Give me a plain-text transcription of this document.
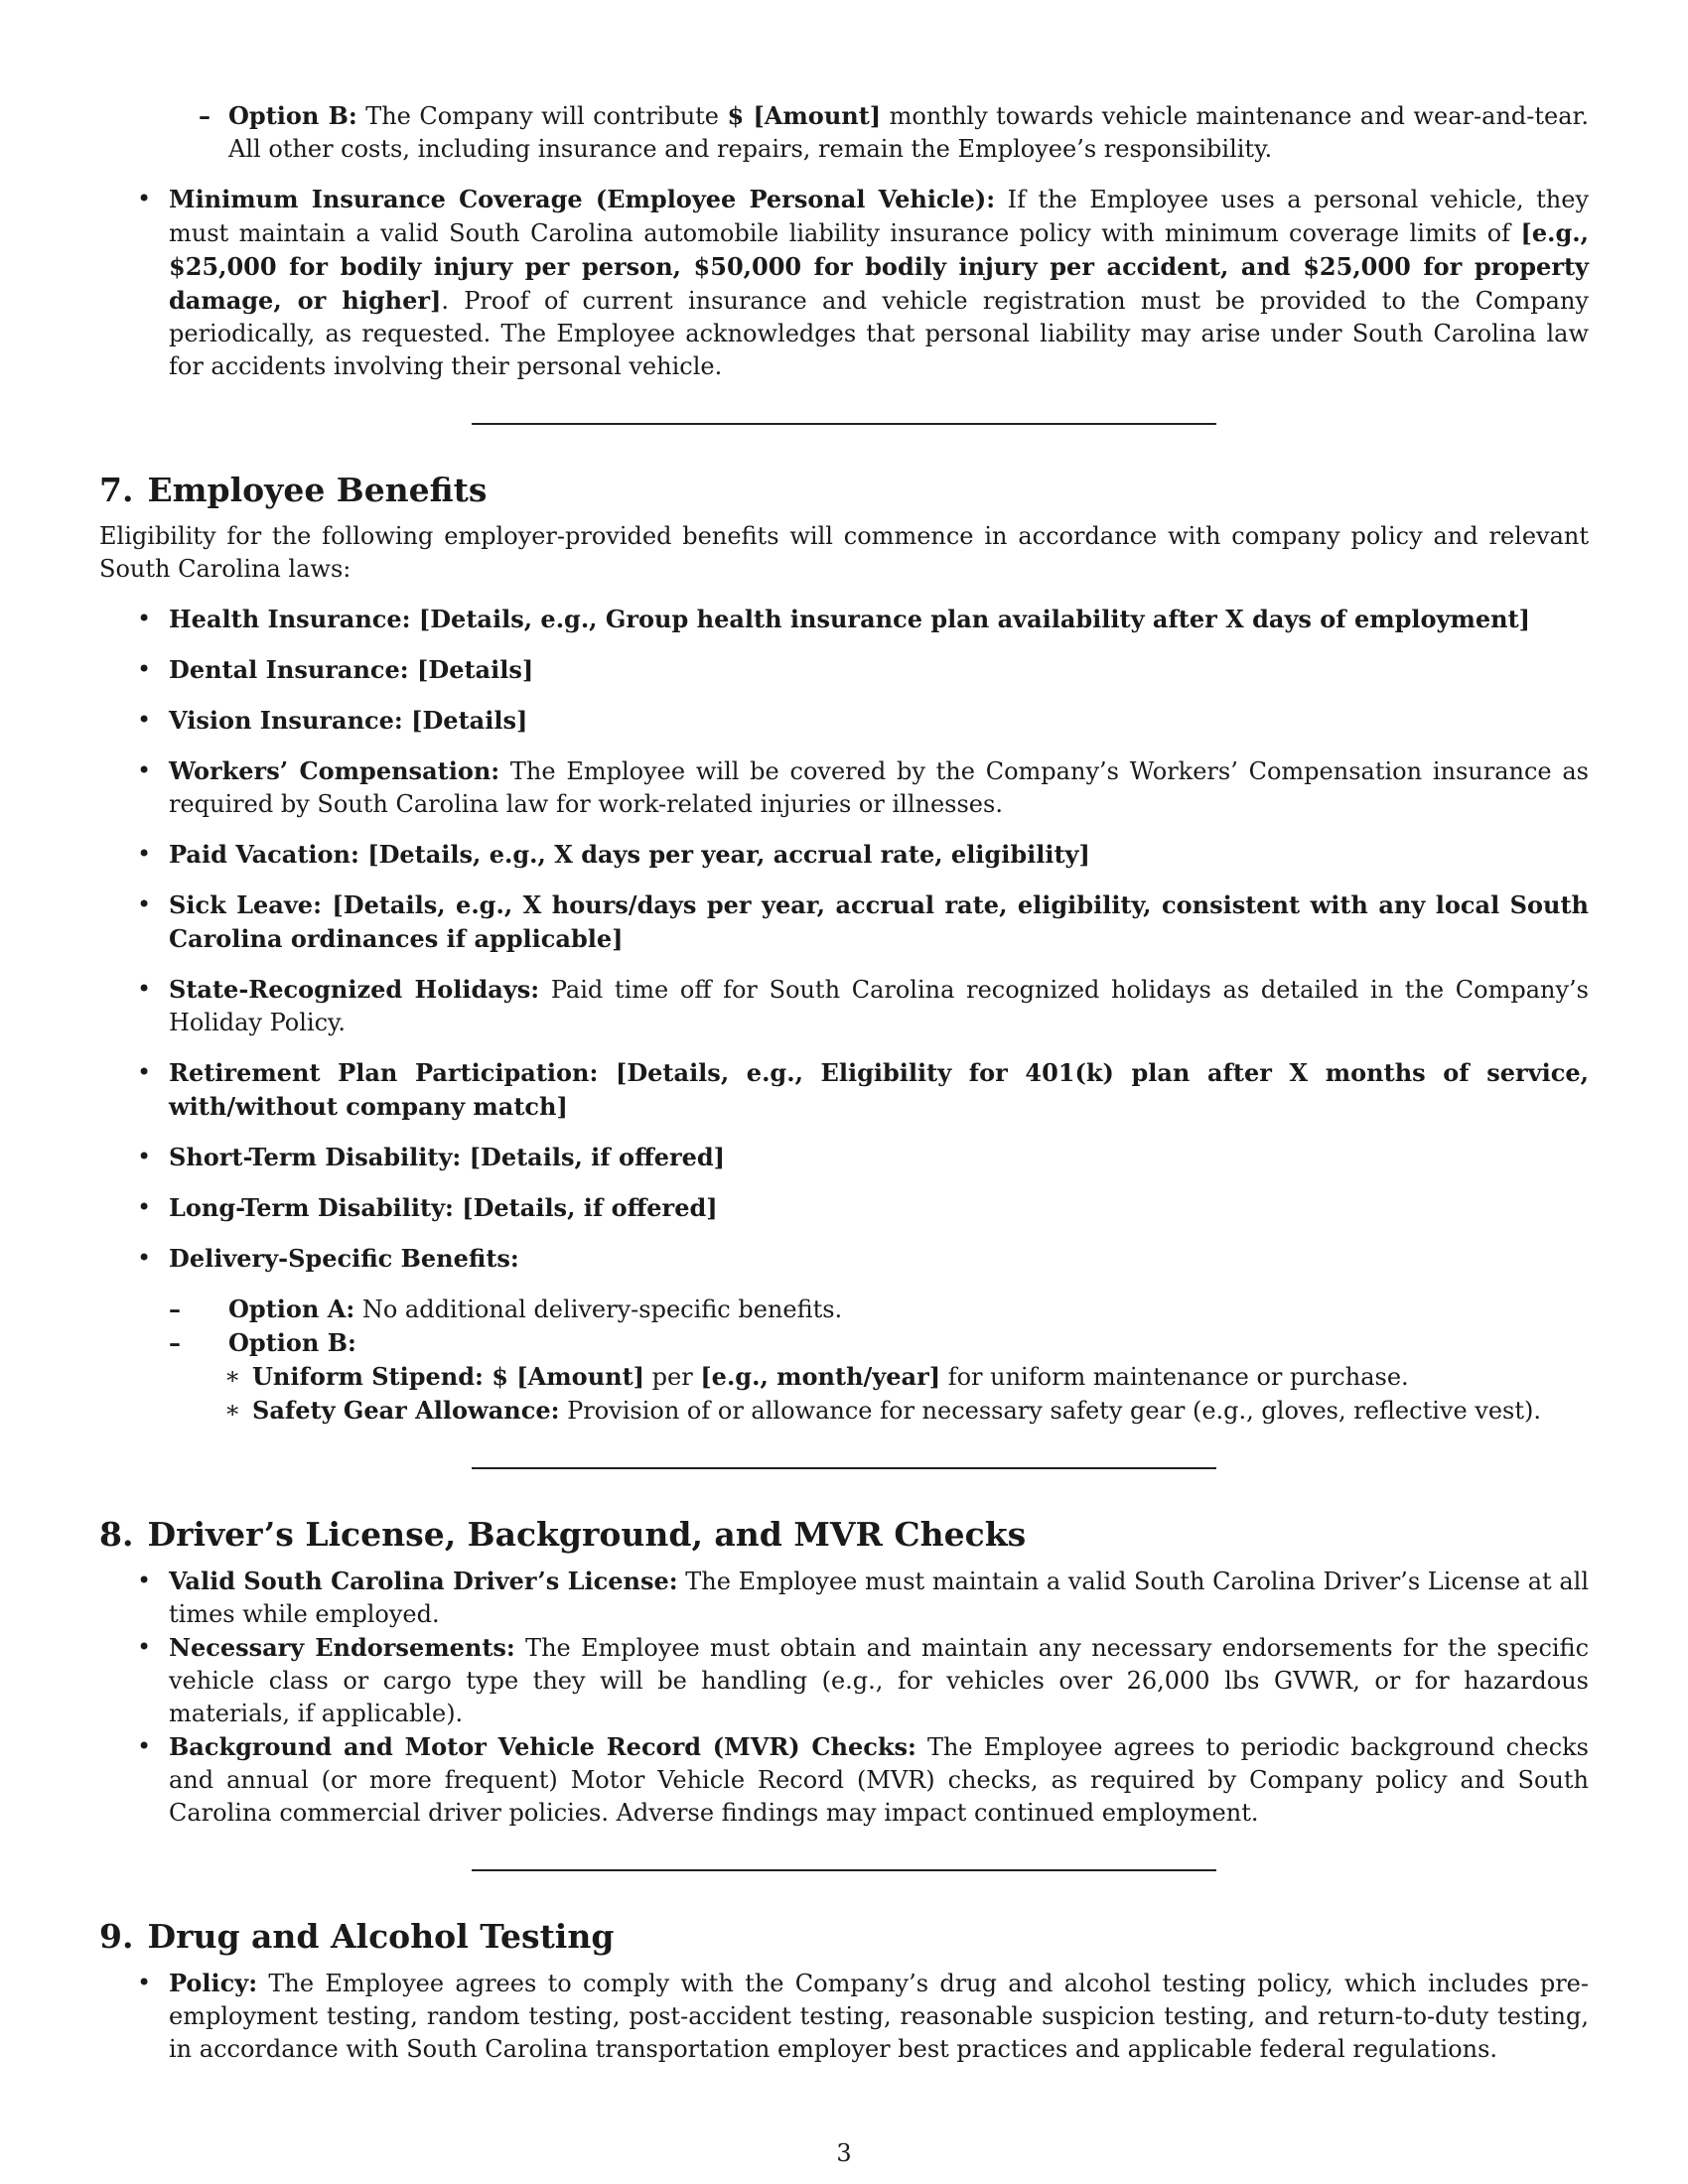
– Option B: The Company will contribute $ [Amount] monthly towards vehicle maintenance and wear-and-tear. All other costs, including insurance and repairs, remain the Employee’s responsibility.
• Minimum Insurance Coverage (Employee Personal Vehicle): If the Employee uses a personal vehicle, they must maintain a valid South Carolina automobile liability insurance policy with minimum coverage limits of [e.g., $25,000 for bodily injury per person, $50,000 for bodily injury per accident, and $25,000 for property damage, or higher]. Proof of current insurance and vehicle registration must be provided to the Company periodically, as requested. The Employee acknowledges that personal liability may arise under South Carolina law for accidents involving their personal vehicle.
7. Employee Benefits

Eligibility for the following employer-provided benefits will commence in accordance with company policy and relevant South Carolina laws:

• Health Insurance: [Details, e.g., Group health insurance plan availability after X days of employment]
• Dental Insurance: [Details]
• Vision Insurance: [Details]
• Workers’ Compensation: The Employee will be covered by the Company’s Workers’ Compensation insurance as required by South Carolina law for work-related injuries or illnesses.
• Paid Vacation: [Details, e.g., X days per year, accrual rate, eligibility]
• Sick Leave: [Details, e.g., X hours/days per year, accrual rate, eligibility, consistent with any local South Carolina ordinances if applicable]
• State-Recognized Holidays: Paid time off for South Carolina recognized holidays as detailed in the Company’s Holiday Policy.
• Retirement Plan Participation: [Details, e.g., Eligibility for 401(k) plan after X months of service, with/without company match]
• Short-Term Disability: [Details, if offered]
• Long-Term Disability: [Details, if offered]
• Delivery-Specific Benefits:
– Option A: No additional delivery-specific benefits.
– Option B:
∗ Uniform Stipend: $ [Amount] per [e.g., month/year] for uniform maintenance or purchase.
∗ Safety Gear Allowance: Provision of or allowance for necessary safety gear (e.g., gloves, reflective vest).
8. Driver’s License, Background, and MVR Checks
• Valid South Carolina Driver’s License: The Employee must maintain a valid South Carolina Driver’s License at all times while employed.
• Necessary Endorsements: The Employee must obtain and maintain any necessary endorsements for the specific vehicle class or cargo type they will be handling (e.g., for vehicles over 26,000 lbs GVWR, or for hazardous materials, if applicable).
• Background and Motor Vehicle Record (MVR) Checks: The Employee agrees to periodic background checks and annual (or more frequent) Motor Vehicle Record (MVR) checks, as required by Company policy and South Carolina commercial driver policies. Adverse findings may impact continued employment.
9. Drug and Alcohol Testing
• Policy: The Employee agrees to comply with the Company’s drug and alcohol testing policy, which includes pre-employment testing, random testing, post-accident testing, reasonable suspicion testing, and return-to-duty testing, in accordance with South Carolina transportation employer best practices and applicable federal regulations.
3
